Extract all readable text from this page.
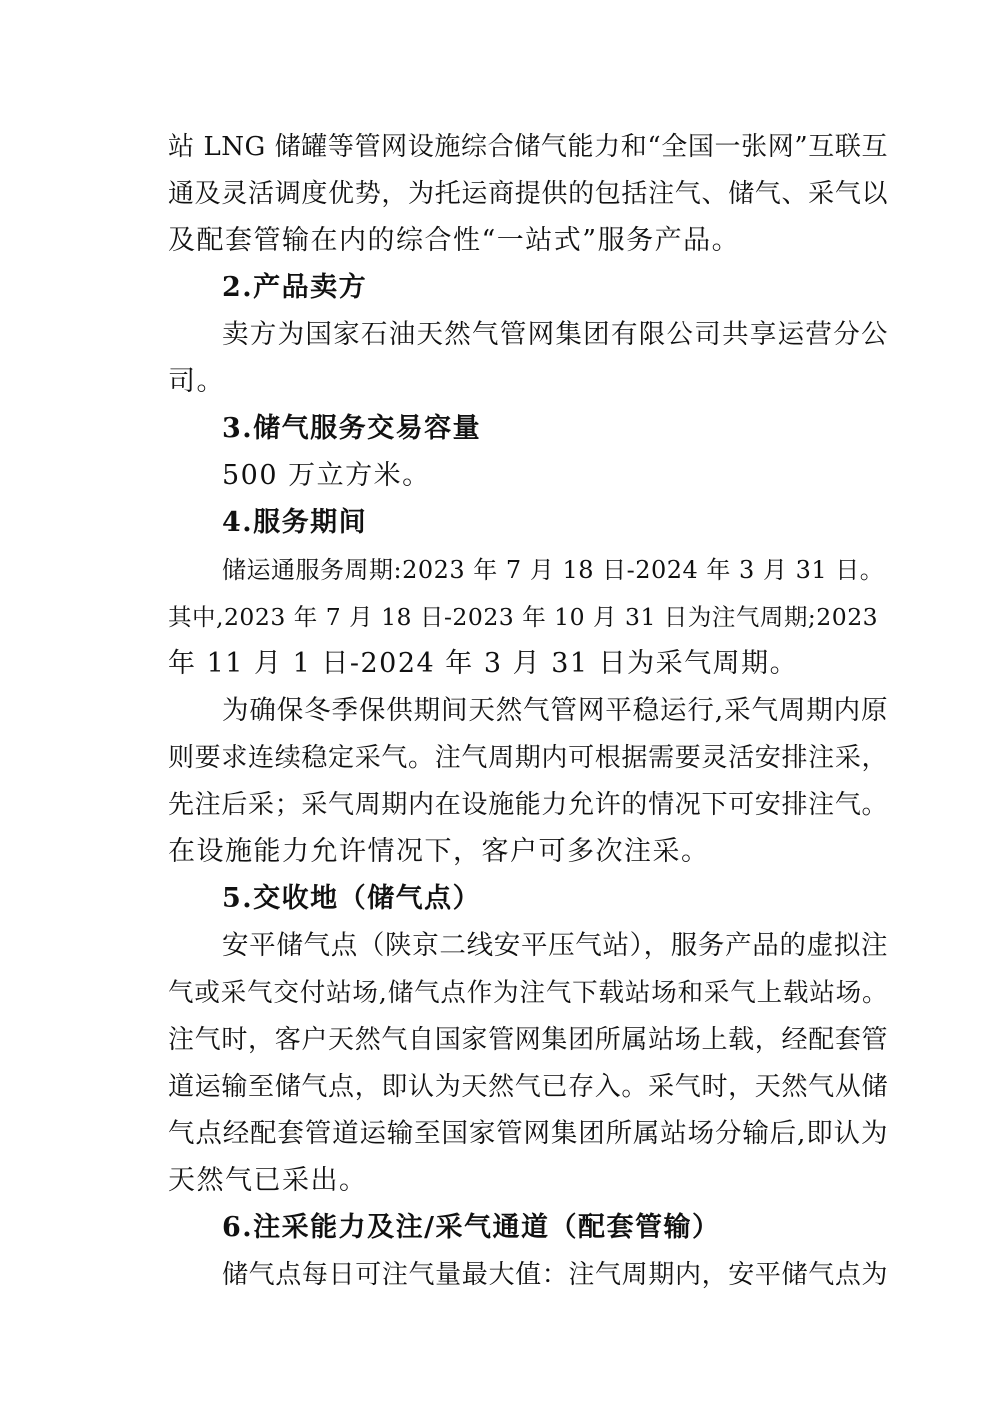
站 LNG 储罐等管网设施综合储气能力和“全国一张网”互联互
通及灵活调度优势，为托运商提供的包括注气、储气、采气以
及配套管输在内的综合性“一站式”服务产品。
2.产品卖方
卖方为国家石油天然气管网集团有限公司共享运营分公
司。
3.储气服务交易容量
500 万立方米。
4.服务期间
储运通服务周期:2023 年 7 月 18 日-2024 年 3 月 31 日。
其中,2023 年 7 月 18 日-2023 年 10 月 31 日为注气周期;2023
年 11 月 1 日-2024 年 3 月 31 日为采气周期。
为确保冬季保供期间天然气管网平稳运行,采气周期内原
则要求连续稳定采气。注气周期内可根据需要灵活安排注采，
先注后采；采气周期内在设施能力允许的情况下可安排注气。
在设施能力允许情况下，客户可多次注采。
5.交收地（储气点）
安平储气点（陕京二线安平压气站），服务产品的虚拟注
气或采气交付站场,储气点作为注气下载站场和采气上载站场。
注气时，客户天然气自国家管网集团所属站场上载，经配套管
道运输至储气点，即认为天然气已存入。采气时，天然气从储
气点经配套管道运输至国家管网集团所属站场分输后,即认为
天然气已采出。
6.注采能力及注/采气通道（配套管输）
储气点每日可注气量最大值：注气周期内，安平储气点为
